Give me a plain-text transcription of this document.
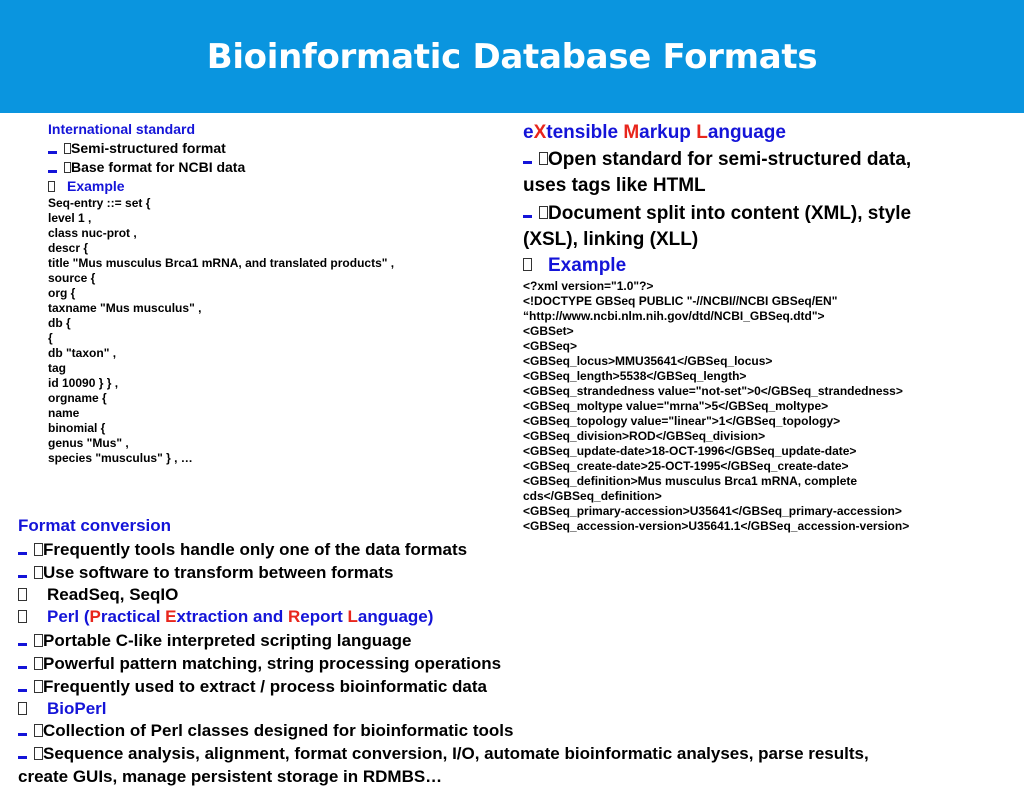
Bioinformatic Database Formats
International standard
Semi-structured format
Base format for NCBI data
Example
Seq-entry ::= set {
level 1 ,
class nuc-prot ,
descr {
title "Mus musculus Brca1 mRNA, and translated products" ,
source {
org {
taxname "Mus musculus" ,
db {
{
db "taxon" ,
tag
id 10090 } } ,
orgname {
name
binomial {
genus "Mus" ,
species "musculus" } , …
eXtensible Markup Language
Open standard for semi-structured data,
uses tags like HTML
Document split into content (XML), style
(XSL), linking (XLL)
Example
<?xml version="1.0"?>
<!DOCTYPE GBSeq PUBLIC "-//NCBI//NCBI GBSeq/EN"
“http://www.ncbi.nlm.nih.gov/dtd/NCBI_GBSeq.dtd">
<GBSet>
<GBSeq>
<GBSeq_locus>MMU35641</GBSeq_locus>
<GBSeq_length>5538</GBSeq_length>
<GBSeq_strandedness value="not-set">0</GBSeq_strandedness>
<GBSeq_moltype value="mrna">5</GBSeq_moltype>
<GBSeq_topology value="linear">1</GBSeq_topology>
<GBSeq_division>ROD</GBSeq_division>
<GBSeq_update-date>18-OCT-1996</GBSeq_update-date>
<GBSeq_create-date>25-OCT-1995</GBSeq_create-date>
<GBSeq_definition>Mus musculus Brca1 mRNA, complete
cds</GBSeq_definition>
<GBSeq_primary-accession>U35641</GBSeq_primary-accession>
<GBSeq_accession-version>U35641.1</GBSeq_accession-version>
Format conversion
Frequently tools handle only one of the data formats
Use software to transform between formats
ReadSeq, SeqIO
Perl (Practical Extraction and Report Language)
Portable C-like interpreted scripting language
Powerful pattern matching, string processing operations
Frequently used to extract / process bioinformatic data
BioPerl
Collection of Perl classes designed for bioinformatic tools
Sequence analysis, alignment, format conversion, I/O, automate bioinformatic analyses, parse results,
create GUIs, manage persistent storage in RDMBS…
